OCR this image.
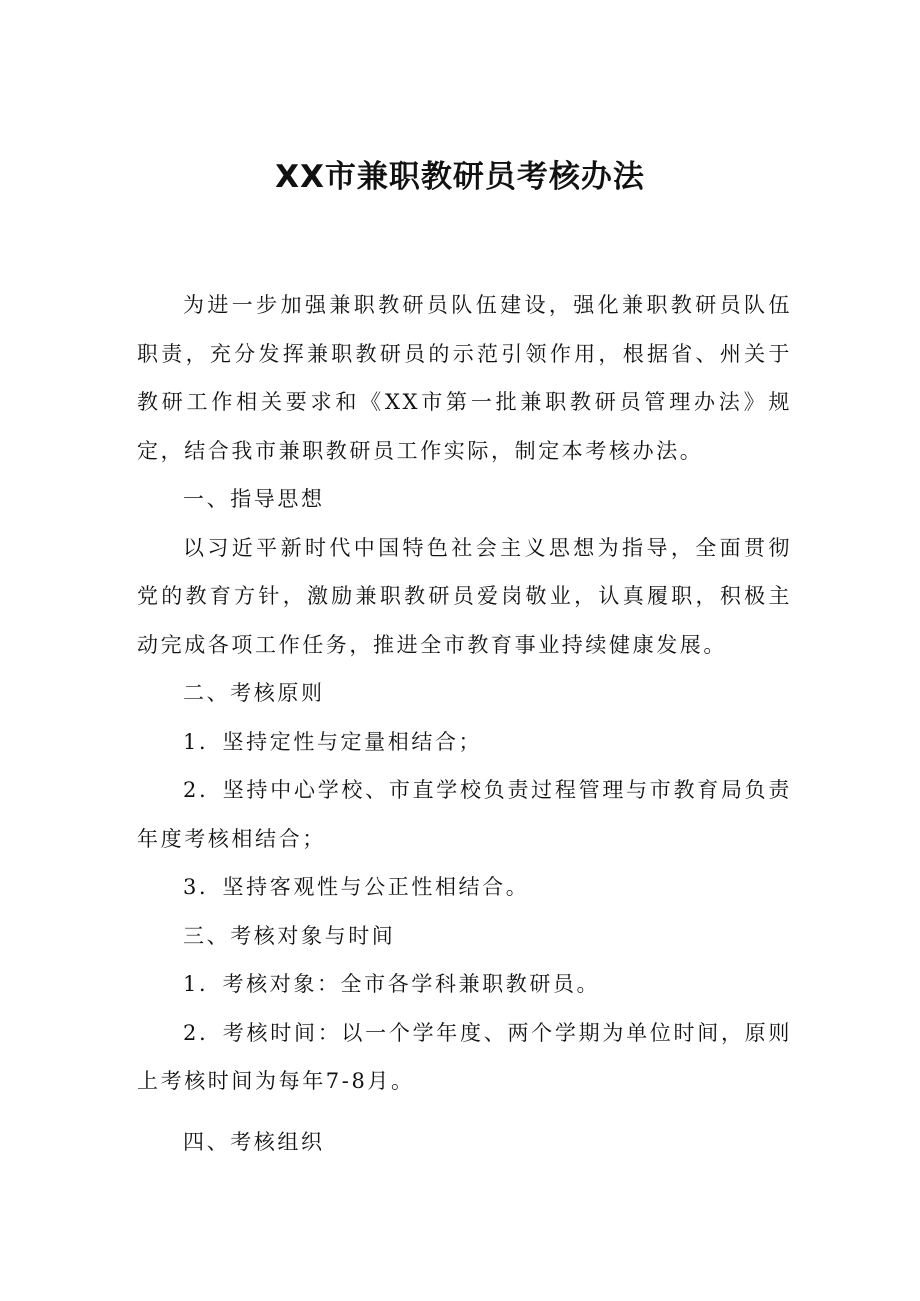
XX市兼职教研员考核办法

为进一步加强兼职教研员队伍建设，强化兼职教研员队伍职责，充分发挥兼职教研员的示范引领作用，根据省、州关于教研工作相关要求和《XX市第一批兼职教研员管理办法》规定，结合我市兼职教研员工作实际，制定本考核办法。

一、指导思想

以习近平新时代中国特色社会主义思想为指导，全面贯彻党的教育方针，激励兼职教研员爱岗敬业，认真履职，积极主动完成各项工作任务，推进全市教育事业持续健康发展。

二、考核原则

1．坚持定性与定量相结合；

2．坚持中心学校、市直学校负责过程管理与市教育局负责年度考核相结合；

3．坚持客观性与公正性相结合。

三、考核对象与时间

1．考核对象：全市各学科兼职教研员。

2．考核时间：以一个学年度、两个学期为单位时间，原则上考核时间为每年7-8月。

四、考核组织
